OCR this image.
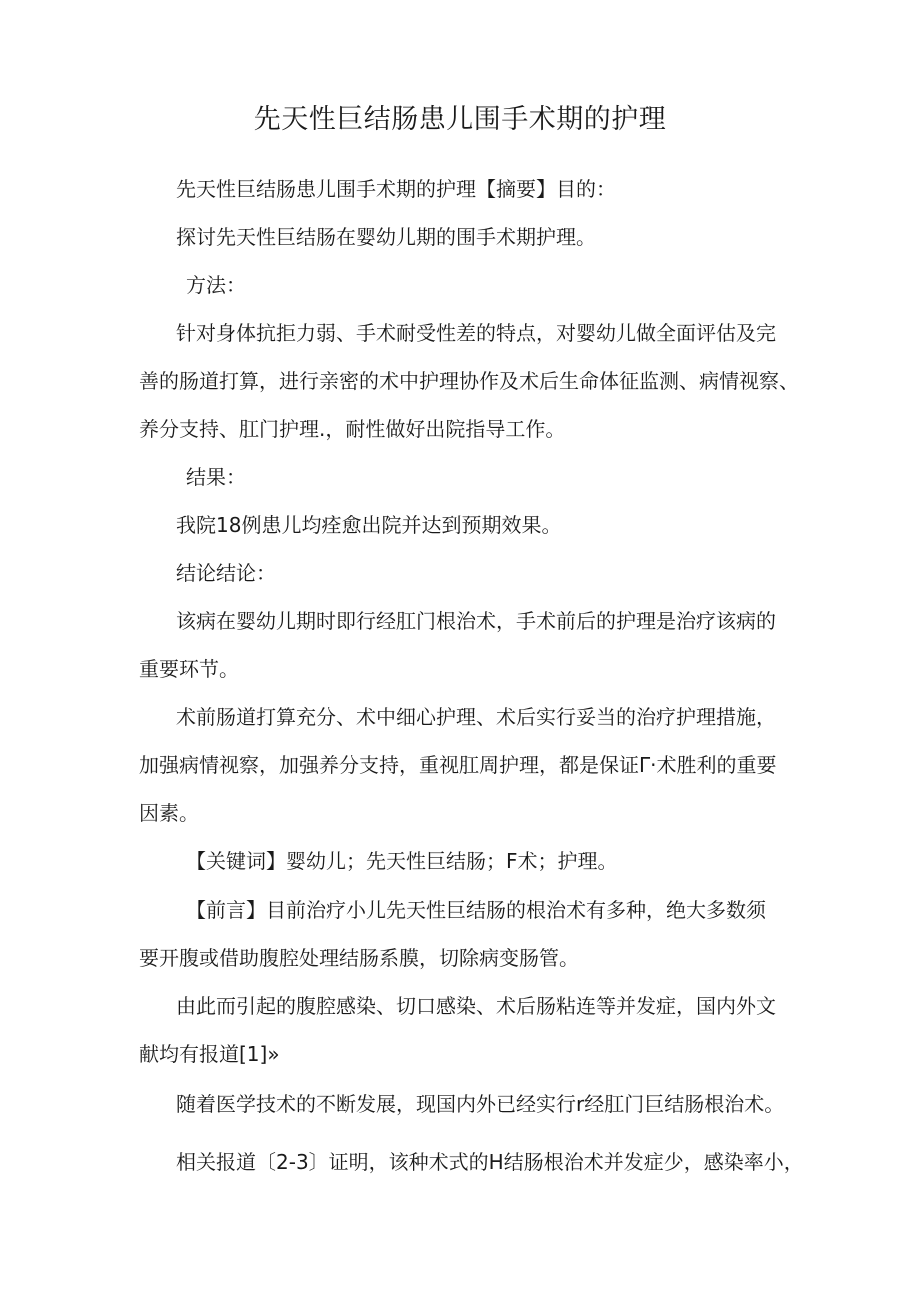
先天性巨结肠患儿围手术期的护理
先天性巨结肠患儿围手术期的护理【摘要】目的：
探讨先天性巨结肠在婴幼儿期的围手术期护理。
方法：
针对身体抗拒力弱、手术耐受性差的特点，对婴幼儿做全面评估及完
善的肠道打算，进行亲密的术中护理协作及术后生命体征监测、病情视察、
养分支持、肛门护理.，耐性做好出院指导工作。
结果：
我院18例患儿均痊愈出院并达到预期效果。
结论结论：
该病在婴幼儿期时即行经肛门根治术，手术前后的护理是治疗该病的
重要环节。
术前肠道打算充分、术中细心护理、术后实行妥当的治疗护理措施，
加强病情视察，加强养分支持，重视肛周护理，都是保证Γ·术胜利的重要
因素。
【关键词】婴幼儿；先天性巨结肠；F术；护理。
【前言】目前治疗小儿先天性巨结肠的根治术有多种，绝大多数须
要开腹或借助腹腔处理结肠系膜，切除病变肠管。
由此而引起的腹腔感染、切口感染、术后肠粘连等并发症，国内外文
献均有报道[1]»
随着医学技术的不断发展，现国内外已经实行r经肛门巨结肠根治术。
相关报道〔2-3〕证明，该种术式的H结肠根治术并发症少，感染率小，
